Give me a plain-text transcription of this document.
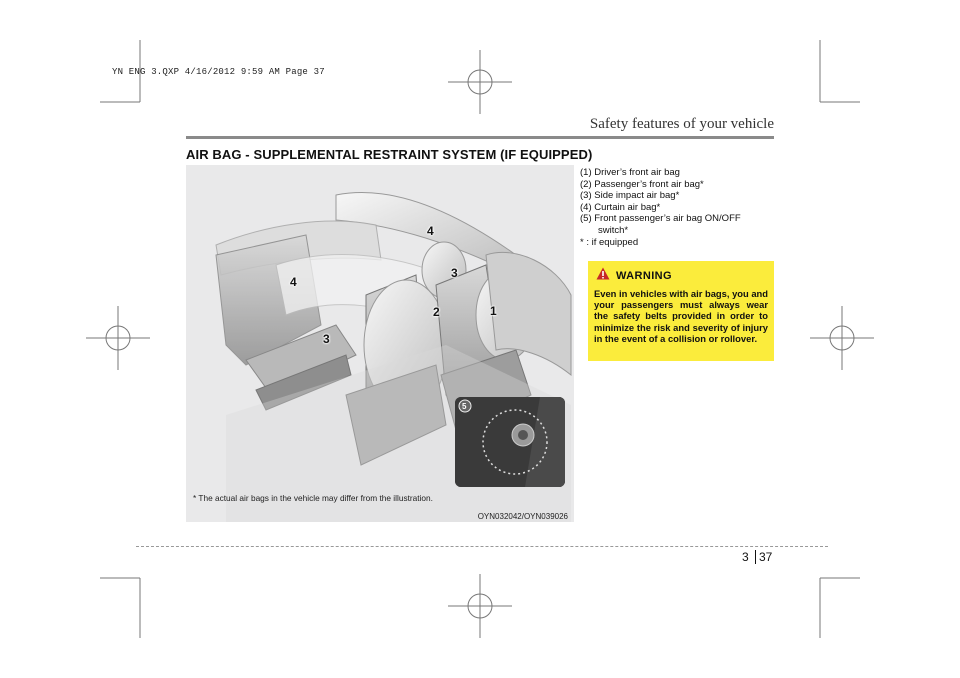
YN ENG 3.QXP 4/16/2012 9:59 AM Page 37
Safety features of your vehicle
AIR BAG - SUPPLEMENTAL RESTRAINT SYSTEM (IF EQUIPPED)
4
3
4
2	1
3
5
* The actual air bags in the vehicle may differ from the illustration.
OYN032042/OYN039026
(1) Driver’s front air bag
(2) Passenger’s front air bag*
(3) Side impact air bag*
(4) Curtain air bag*
(5) Front passenger’s air bag ON/OFF
switch*
* : if equipped
WARNING
Even in vehicles with air bags, you and your passengers must always wear the safety belts provided in order to minimize the risk and severity of injury in the event of a collision or rollover.
3 37
